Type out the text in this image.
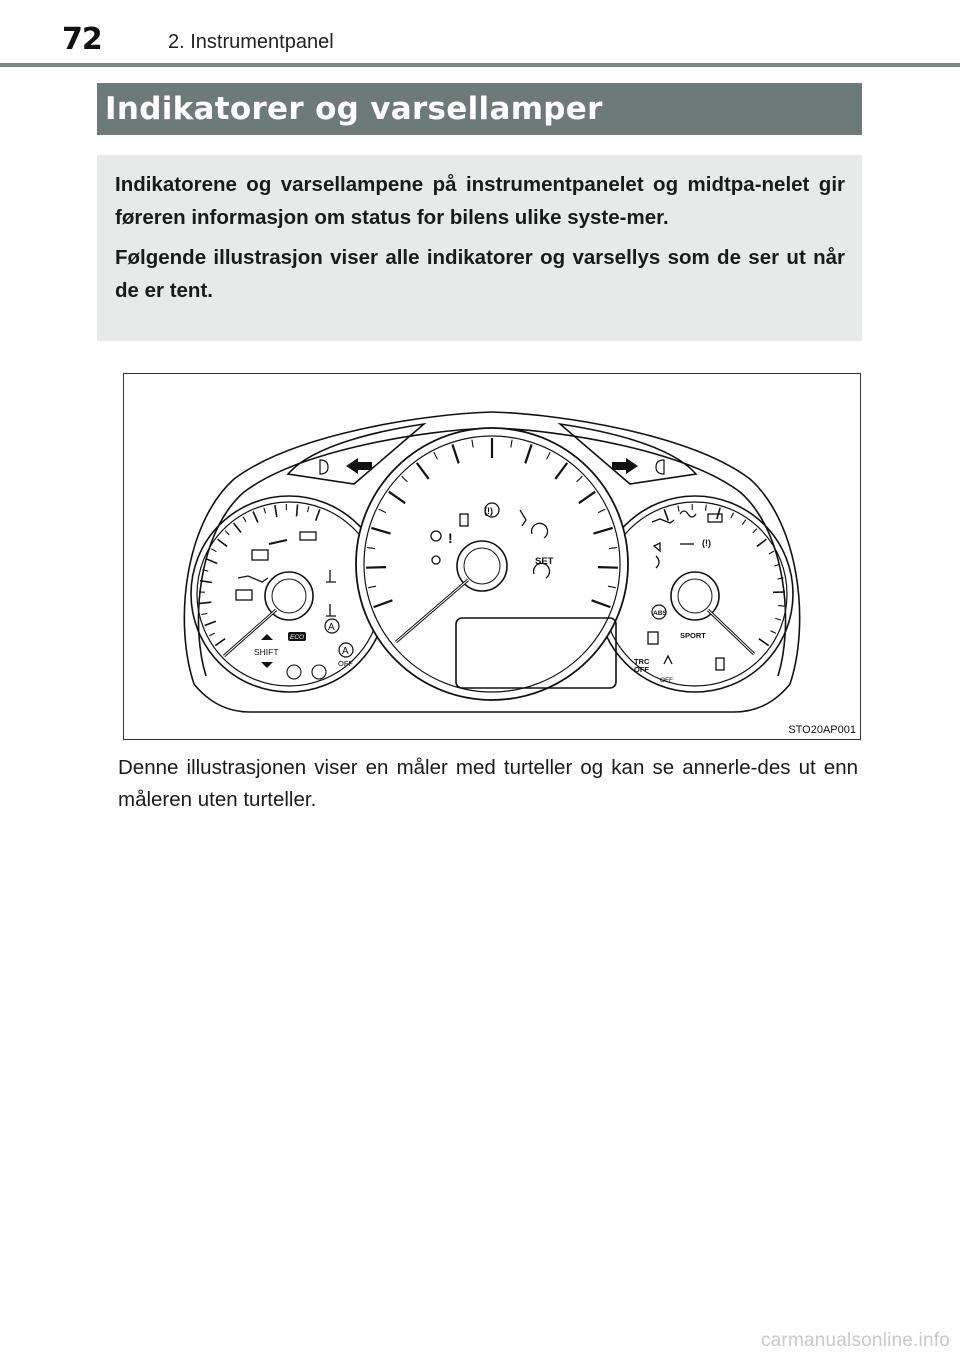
72	2. Instrumentpanel
Indikatorer og varsellamper

Indikatorene og varsellampene på instrumentpanelet og midtpa-nelet gir føreren informasjon om status for bilens ulike syste-mer.

Følgende illustrasjon viser alle indikatorer og varsellys som de ser ut når de er tent.

SHIFT
ECO
A
A
OFF
(!)
!
SET
ABS
(!)
SPORT
TRC
OFF
OFF
STO20AP001
Denne illustrasjonen viser en måler med turteller og kan se annerle-des ut enn måleren uten turteller.
carmanualsonline.info
